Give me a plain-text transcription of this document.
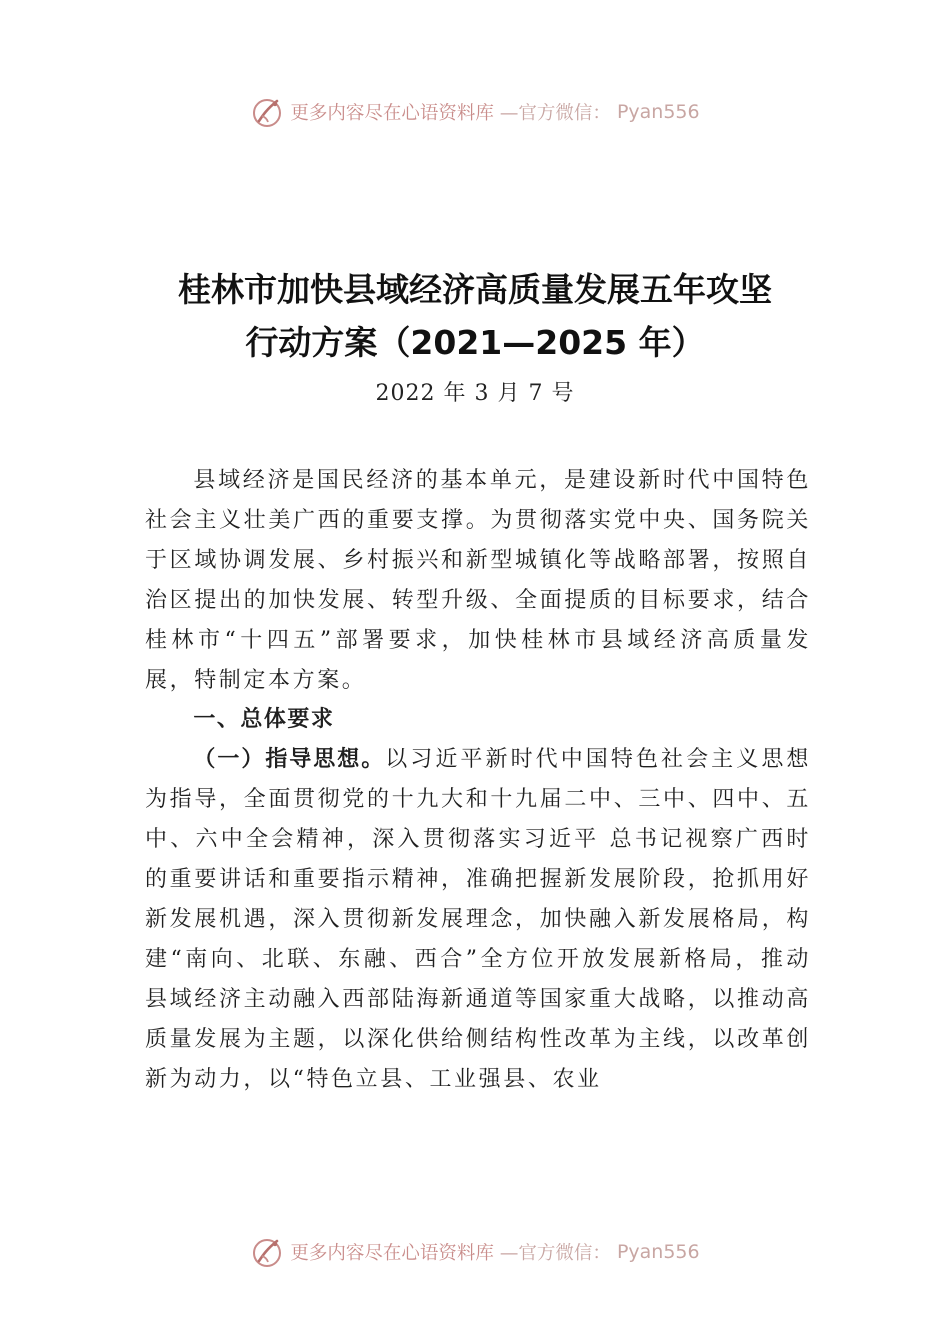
更多内容尽在心语资料库 —官方微信： Pyan556
桂林市加快县域经济高质量发展五年攻坚
行动方案（2021—2025 年）
2022 年 3 月 7 号

县域经济是国民经济的基本单元，是建设新时代中国特色社会主义壮美广西的重要支撑。为贯彻落实党中央、国务院关于区域协调发展、乡村振兴和新型城镇化等战略部署，按照自治区提出的加快发展、转型升级、全面提质的目标要求，结合桂林市“十四五”部署要求，加快桂林市县域经济高质量发展，特制定本方案。

一、总体要求

（一）指导思想。以习近平新时代中国特色社会主义思想为指导，全面贯彻党的十九大和十九届二中、三中、四中、五中、六中全会精神，深入贯彻落实习近平 总书记视察广西时的重要讲话和重要指示精神，准确把握新发展阶段，抢抓用好新发展机遇，深入贯彻新发展理念，加快融入新发展格局，构建“南向、北联、东融、西合”全方位开放发展新格局，推动县域经济主动融入西部陆海新通道等国家重大战略，以推动高质量发展为主题，以深化供给侧结构性改革为主线，以改革创新为动力，以“特色立县、工业强县、农业

更多内容尽在心语资料库 —官方微信： Pyan556
